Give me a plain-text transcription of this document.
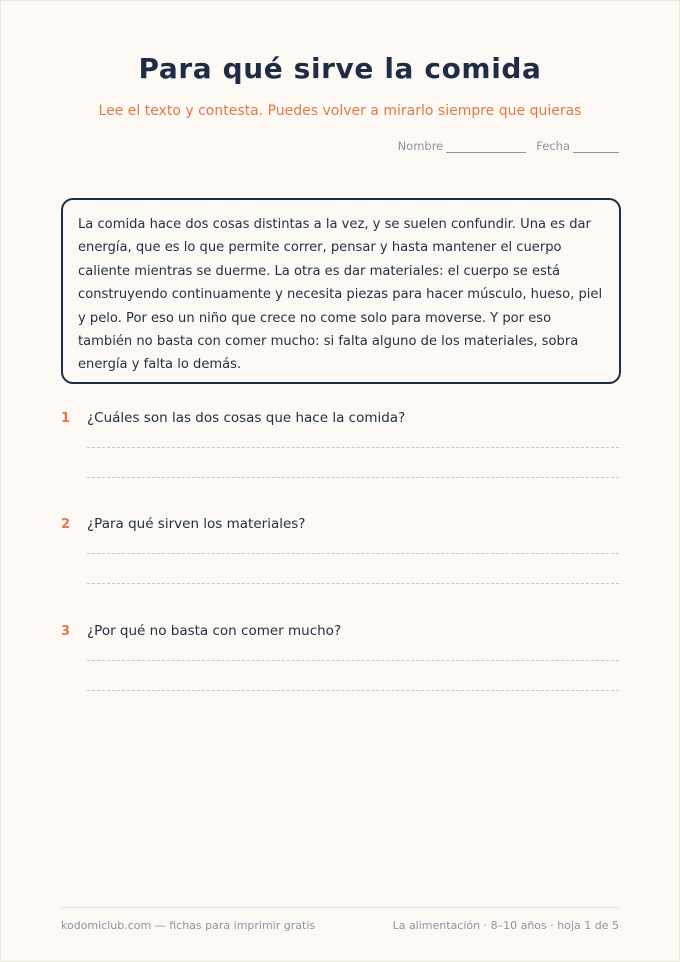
Para qué sirve la comida
Lee el texto y contesta. Puedes volver a mirarlo siempre que quieras
Nombre	Fecha
La comida hace dos cosas distintas a la vez, y se suelen confundir. Una es dar energía, que es lo que permite correr, pensar y hasta mantener el cuerpo caliente mientras se duerme. La otra es dar materiales: el cuerpo se está construyendo continuamente y necesita piezas para hacer músculo, hueso, piel y pelo. Por eso un niño que crece no come solo para moverse. Y por eso también no basta con comer mucho: si falta alguno de los materiales, sobra energía y falta lo demás.
1	¿Cuáles son las dos cosas que hace la comida?
2	¿Para qué sirven los materiales?
3	¿Por qué no basta con comer mucho?
kodomiclub.com — fichas para imprimir gratis	La alimentación · 8–10 años · hoja 1 de 5
